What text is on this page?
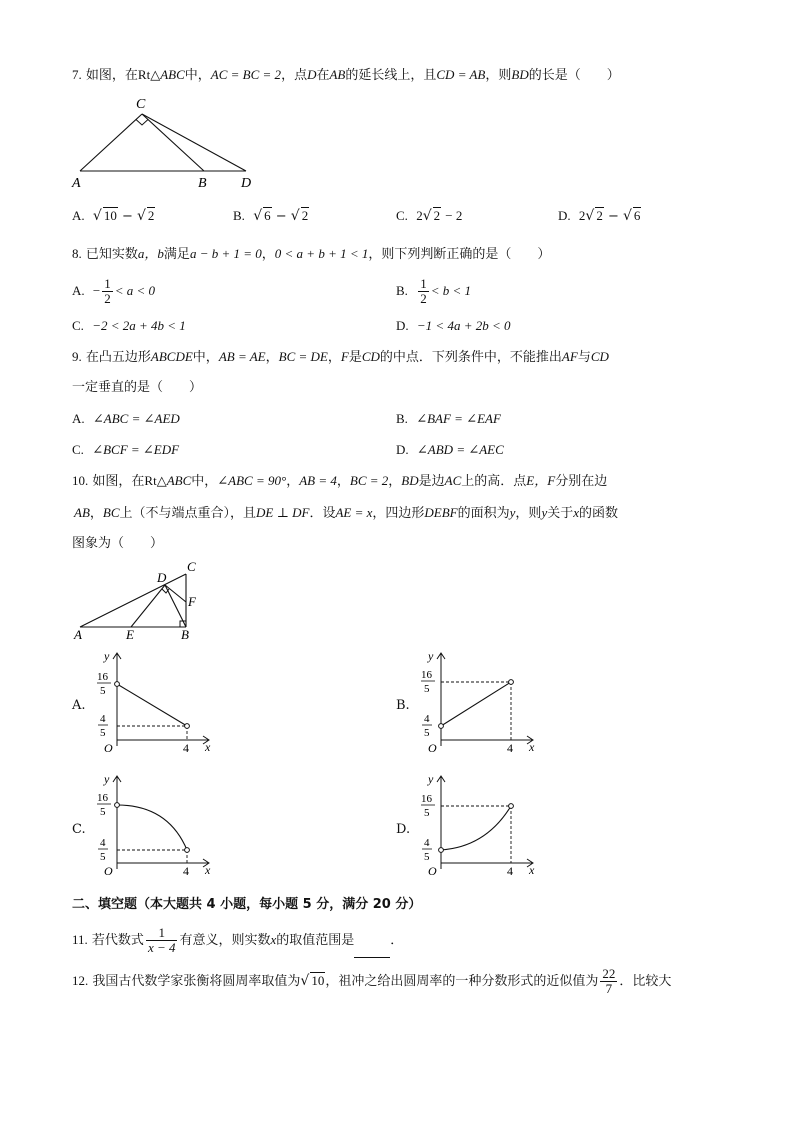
7. 如图，在Rt△ABC中，AC = BC = 2，点D在AB的延长线上，且CD = AB，则BD的长是（　　）
C
A	B D
A. √ 10 − √ 2	B. √ 6 − √ 2	C. 2√ 2 − 2	D. 2√ 2 − √ 6
8. 已知实数a，b满足a − b + 1 = 0，0 < a + b + 1 < 1，则下列判断正确的是（　　）
A. − $\frac{1}{2} < a < 0$	B. $\frac{1}{2} < b < 1$
C. −2 < 2a + 4b < 1	D. −1 < 4a + 2b < 0
9. 在凸五边形ABCDE中，AB = AE，BC = DE，F是CD的中点．下列条件中，不能推出AF与CD
一定垂直的是（　　）
A. ∠ABC = ∠AED	B. ∠BAF = ∠EAF
C. ∠BCF = ∠EDF	D. ∠ABD = ∠AEC
10. 如图，在Rt△ABC中，∠ABC = 90°，AB = 4，BC = 2，BD是边AC上的高．点E，F分别在边
AB，BC上（不与端点重合），且DE ⊥ DF．设AE = x，四边形DEBF的面积为y，则y关于x的函数
图象为（　　）
A	E	B
F
D
C
A.
y
x
O	4
16
5
4
5
B.
y
x
O	4
16
5
4
5
C.
y
x
O	4
16
5
4
5
D.
y
x
O	4
16
5
4
5
二、填空题（本大题共 4 小题，每小题 5 分，满分 20 分）
11. 若代数式 $\frac{1}{x - 4}$ 有意义，则实数x的取值范围是	．
12. 我国古代数学家张衡将圆周率取值为√ 10，祖冲之给出圆周率的一种分数形式的近似值为 $\frac{22}{7}$ ．比较大
